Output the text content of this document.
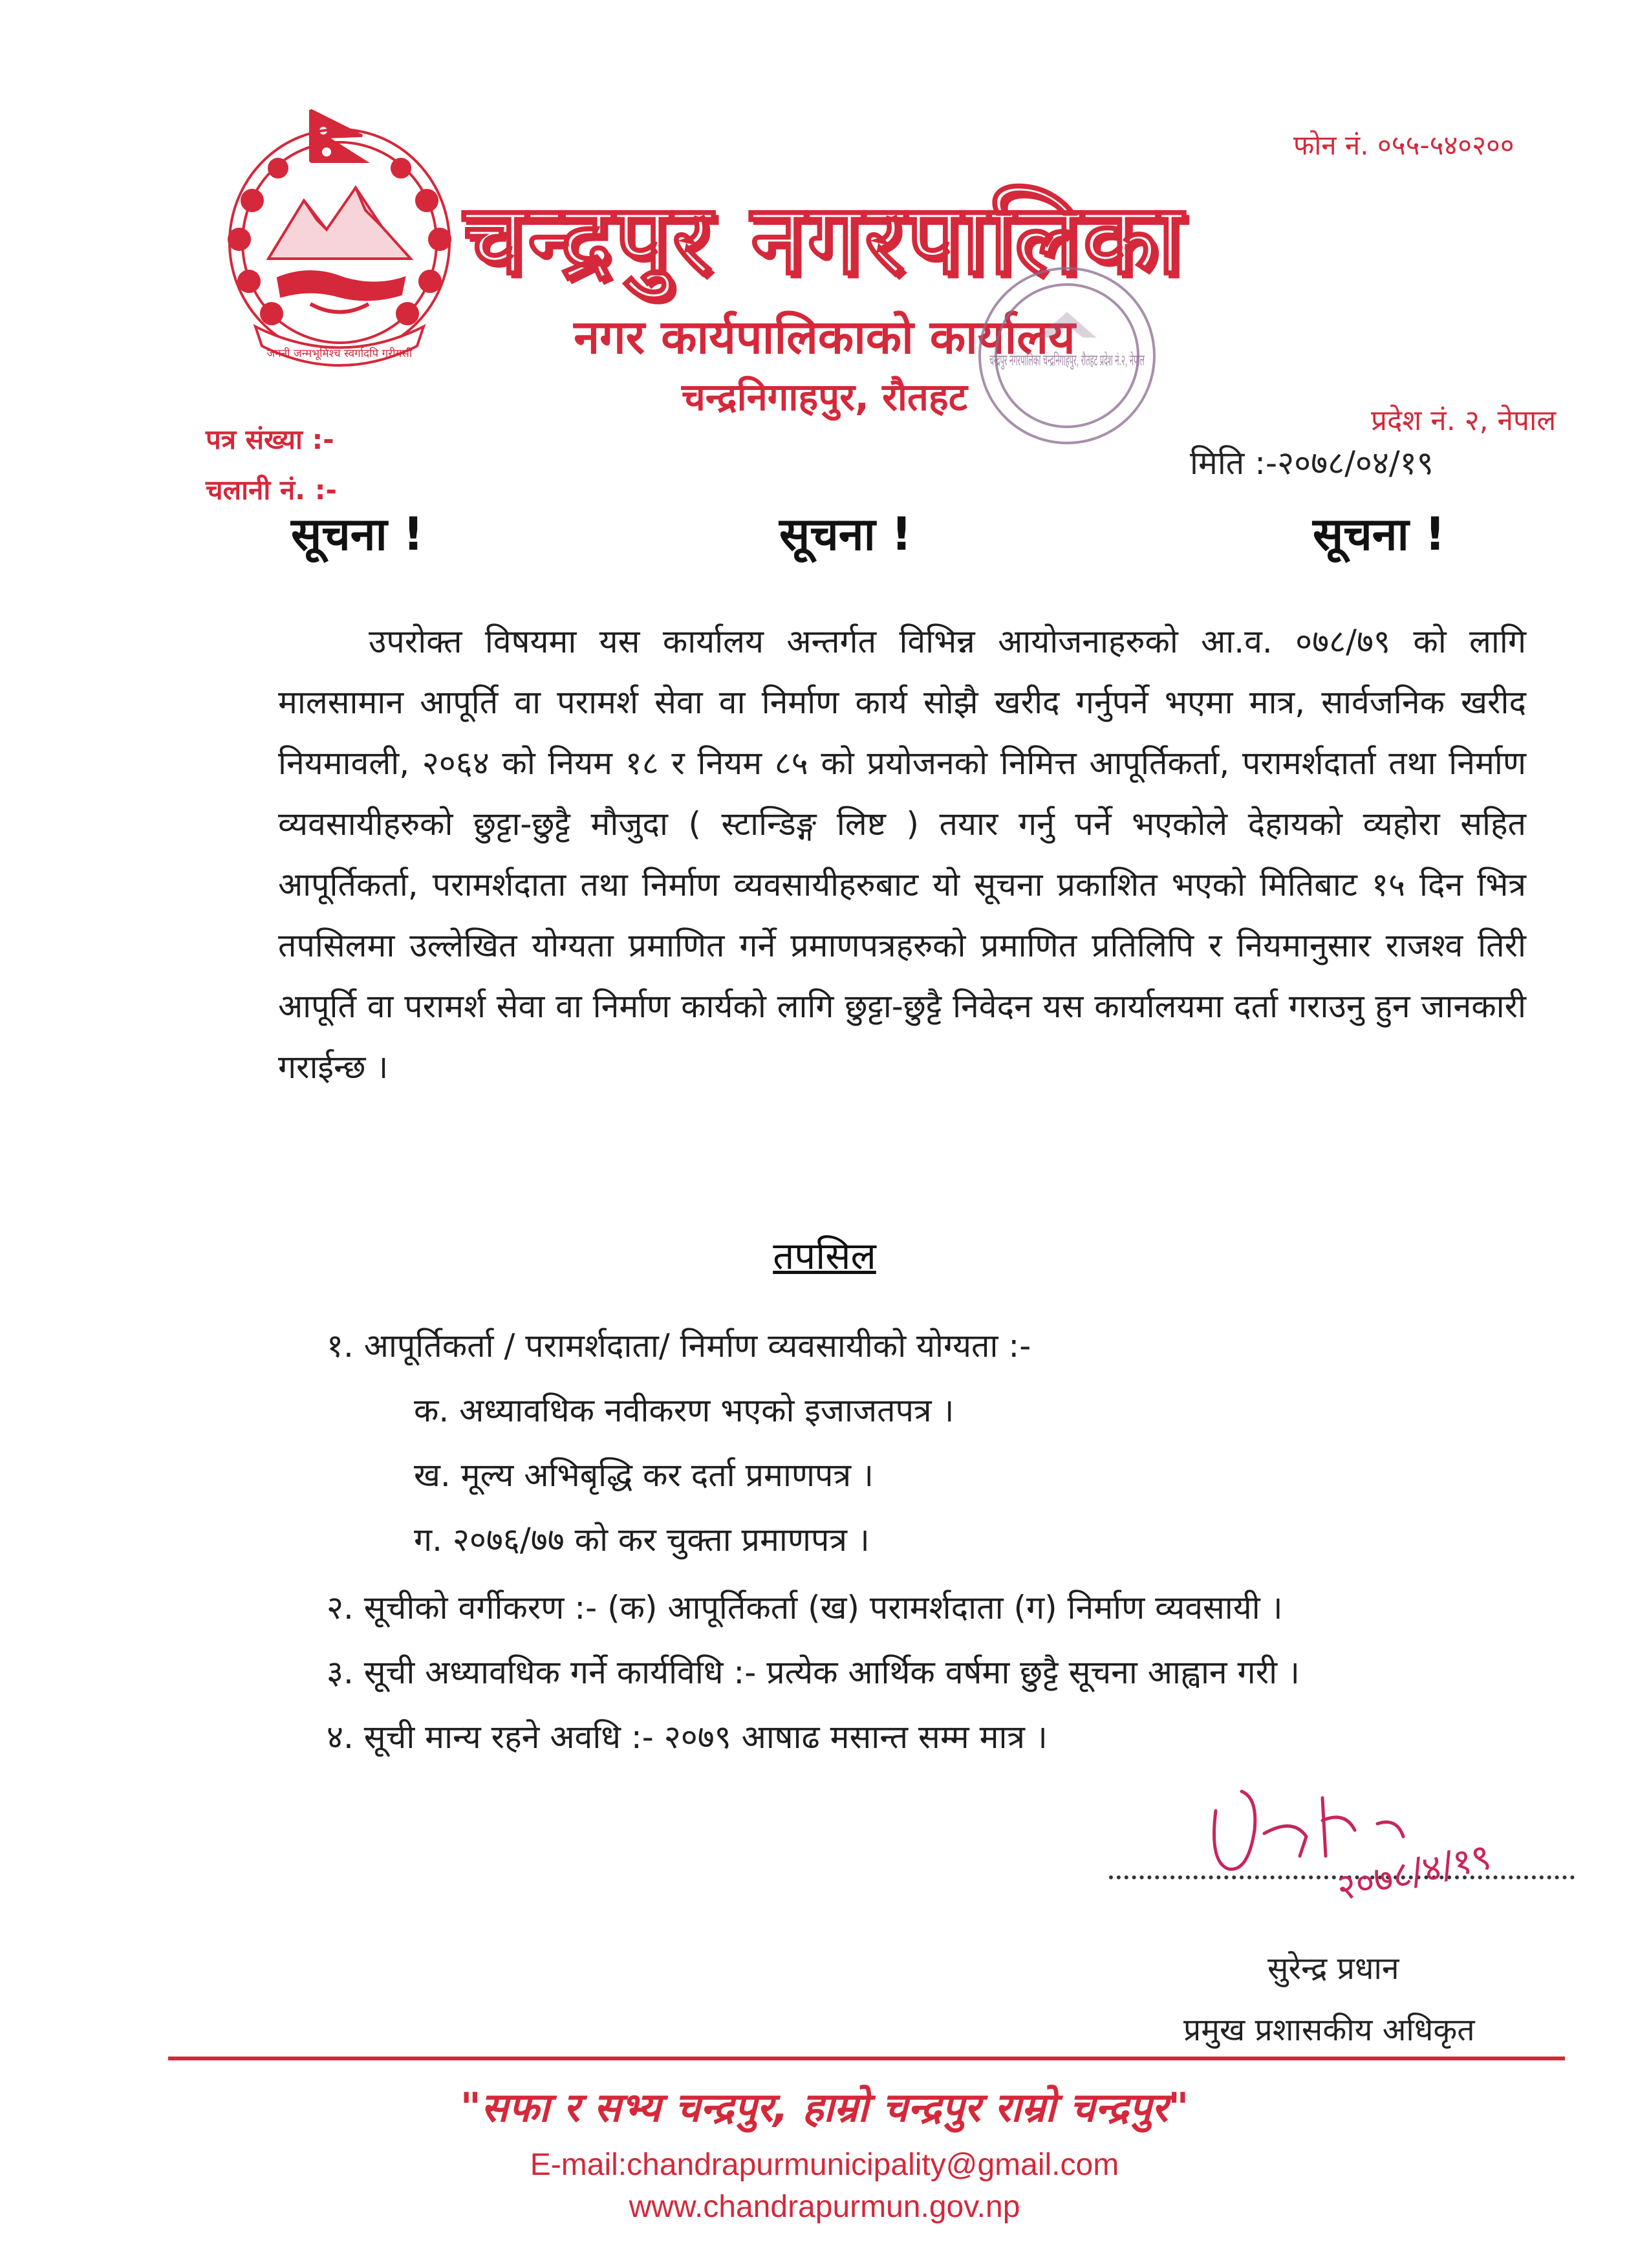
फोन नं. ०५५-५४०२००
जननी जन्मभूमिश्च स्वर्गादपि गरीयसी
चन्द्रपुर नगरपालिका
नगर कार्यपालिकाको कार्यालय
चन्द्रनिगाहपुर, रौतहट
चन्द्रपुर नगरपालिका चन्द्रनिगाहपुर, रौतहट प्रदेश नं.२, नेपाल
प्रदेश नं. २, नेपाल
पत्र संख्या :-
चलानी नं. :-
मिति :-२०७८/०४/१९
सूचना !	सूचना !	सूचना !
उपरोक्त विषयमा यस कार्यालय अन्तर्गत विभिन्न आयोजनाहरुको आ.व. ०७८/७९ को लागि मालसामान आपूर्ति वा परामर्श सेवा वा निर्माण कार्य सोझै खरीद गर्नुपर्ने भएमा मात्र, सार्वजनिक खरीद नियमावली, २०६४ को नियम १८ र नियम ८५ को प्रयोजनको निमित्त आपूर्तिकर्ता, परामर्शदार्ता तथा निर्माण व्यवसायीहरुको छुट्टा-छुट्टै मौजुदा ( स्टान्डिङ्ग लिष्ट ) तयार गर्नु पर्ने भएकोले देहायको व्यहोरा सहित आपूर्तिकर्ता, परामर्शदाता तथा निर्माण व्यवसायीहरुबाट यो सूचना प्रकाशित भएको मितिबाट १५ दिन भित्र तपसिलमा उल्लेखित योग्यता प्रमाणित गर्ने प्रमाणपत्रहरुको प्रमाणित प्रतिलिपि र नियमानुसार राजश्व तिरी आपूर्ति वा परामर्श सेवा वा निर्माण कार्यको लागि छुट्टा-छुट्टै निवेदन यस कार्यालयमा दर्ता गराउनु हुन जानकारी गराईन्छ ।
तपसिल
१. आपूर्तिकर्ता / परामर्शदाता/ निर्माण व्यवसायीको योग्यता :-
क. अध्यावधिक नवीकरण भएको इजाजतपत्र ।
ख. मूल्य अभिबृद्धि कर दर्ता प्रमाणपत्र ।
ग. २०७६/७७ को कर चुक्ता प्रमाणपत्र ।
२. सूचीको वर्गीकरण :- (क) आपूर्तिकर्ता (ख) परामर्शदाता (ग) निर्माण व्यवसायी ।
३. सूची अध्यावधिक गर्ने कार्यविधि :- प्रत्येक आर्थिक वर्षमा छुट्टै सूचना आह्वान गरी ।
४. सूची मान्य रहने अवधि :- २०७९ आषाढ मसान्त सम्म मात्र ।
२०७८/४/१९
सुरेन्द्र प्रधान
प्रमुख प्रशासकीय अधिकृत
"सफा र सभ्य चन्द्रपुर, हाम्रो चन्द्रपुर राम्रो चन्द्रपुर"
E-mail:chandrapurmunicipality@gmail.com
www.chandrapurmun.gov.np
